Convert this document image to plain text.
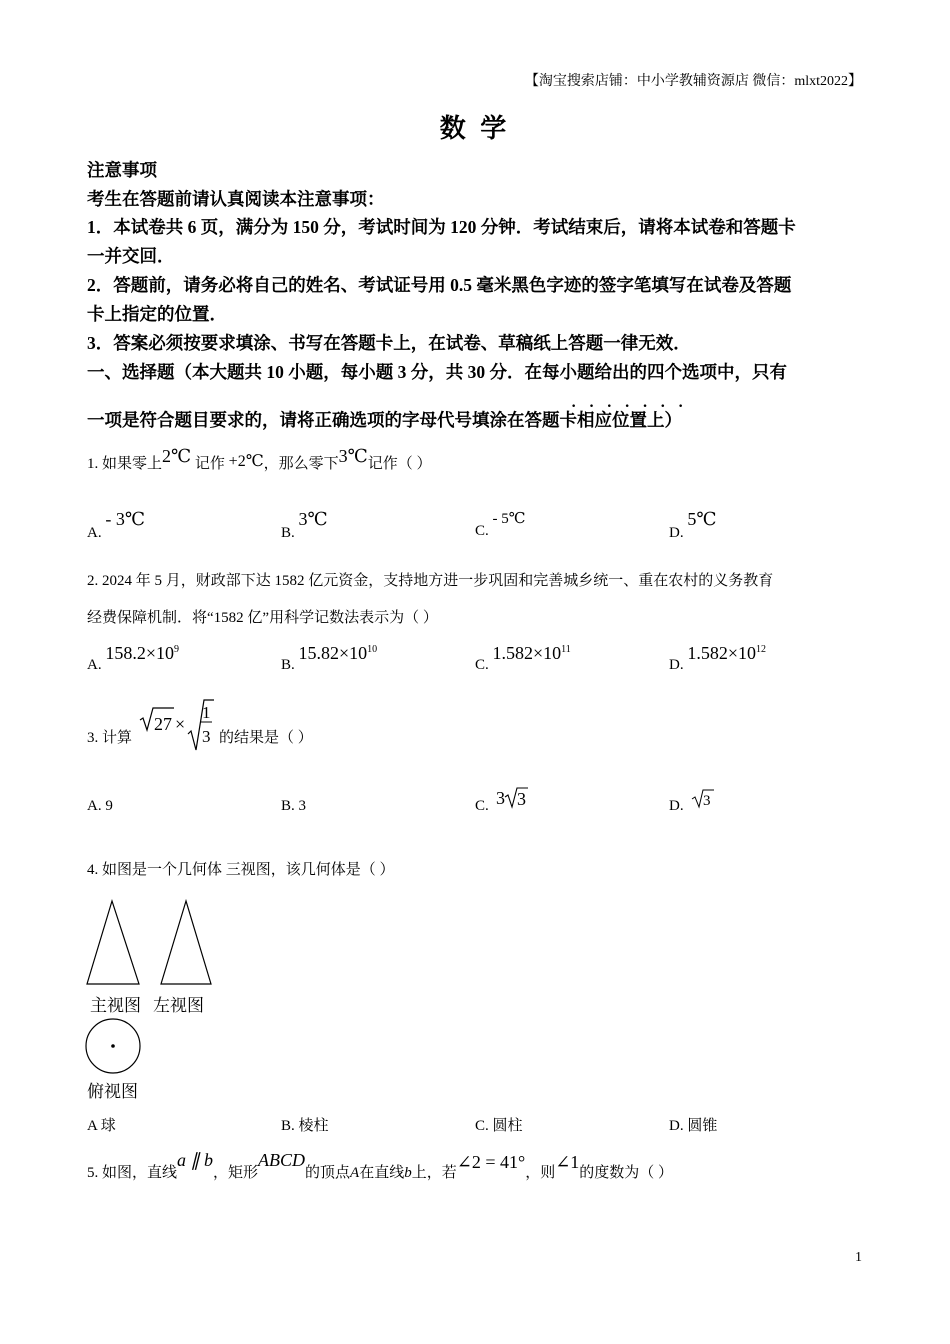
【淘宝搜索店铺：中小学教辅资源店 微信：mlxt2022】
数 学
注意事项
考生在答题前请认真阅读本注意事项：
1．本试卷共 6 页，满分为 150 分，考试时间为 120 分钟．考试结束后，请将本试卷和答题卡
一并交回．
2．答题前，请务必将自己的姓名、考试证号用 0.5 毫米黑色字迹的签字笔填写在试卷及答题
卡上指定的位置．
3．答案必须按要求填涂、书写在答题卡上，在试卷、草稿纸上答题一律无效．
一、选择题（本大题共 10 小题，每小题 3 分，共 30 分．在每小题给出的四个选项中，只有
·······
一项是符合题目要求的，请将正确选项的字母代号填涂在答题卡相应位置上）
1. 如果零上2℃ 记作 +2℃，那么零下3℃记作（ ）
A. - 3℃
B. 3℃
C. - 5℃
D. 5℃
2. 2024 年 5 月，财政部下达 1582 亿元资金，支持地方进一步巩固和完善城乡统一、重在农村的义务教育
经费保障机制．将“1582 亿”用科学记数法表示为（ ）
A. $158.2\times 10^9$
B. $15.82\times 10^{10}$
C. $1.582\times 10^{11}$
D. $1.582\times 10^{12}$
3. 计算
27 ×
1
3 的结果是（ ）
A. 9	B. 3	C. 3 3	D. 3
4. 如图是一个几何体 三视图，该几何体是（ ）
主视图 左视图
俯视图
A 球	B. 棱柱	C. 圆柱	D. 圆锥
5. 如图，直线a ∥ b，矩形ABCD的顶点A在直线b上，若∠2 = 41°，则∠1的度数为（ ）
1
